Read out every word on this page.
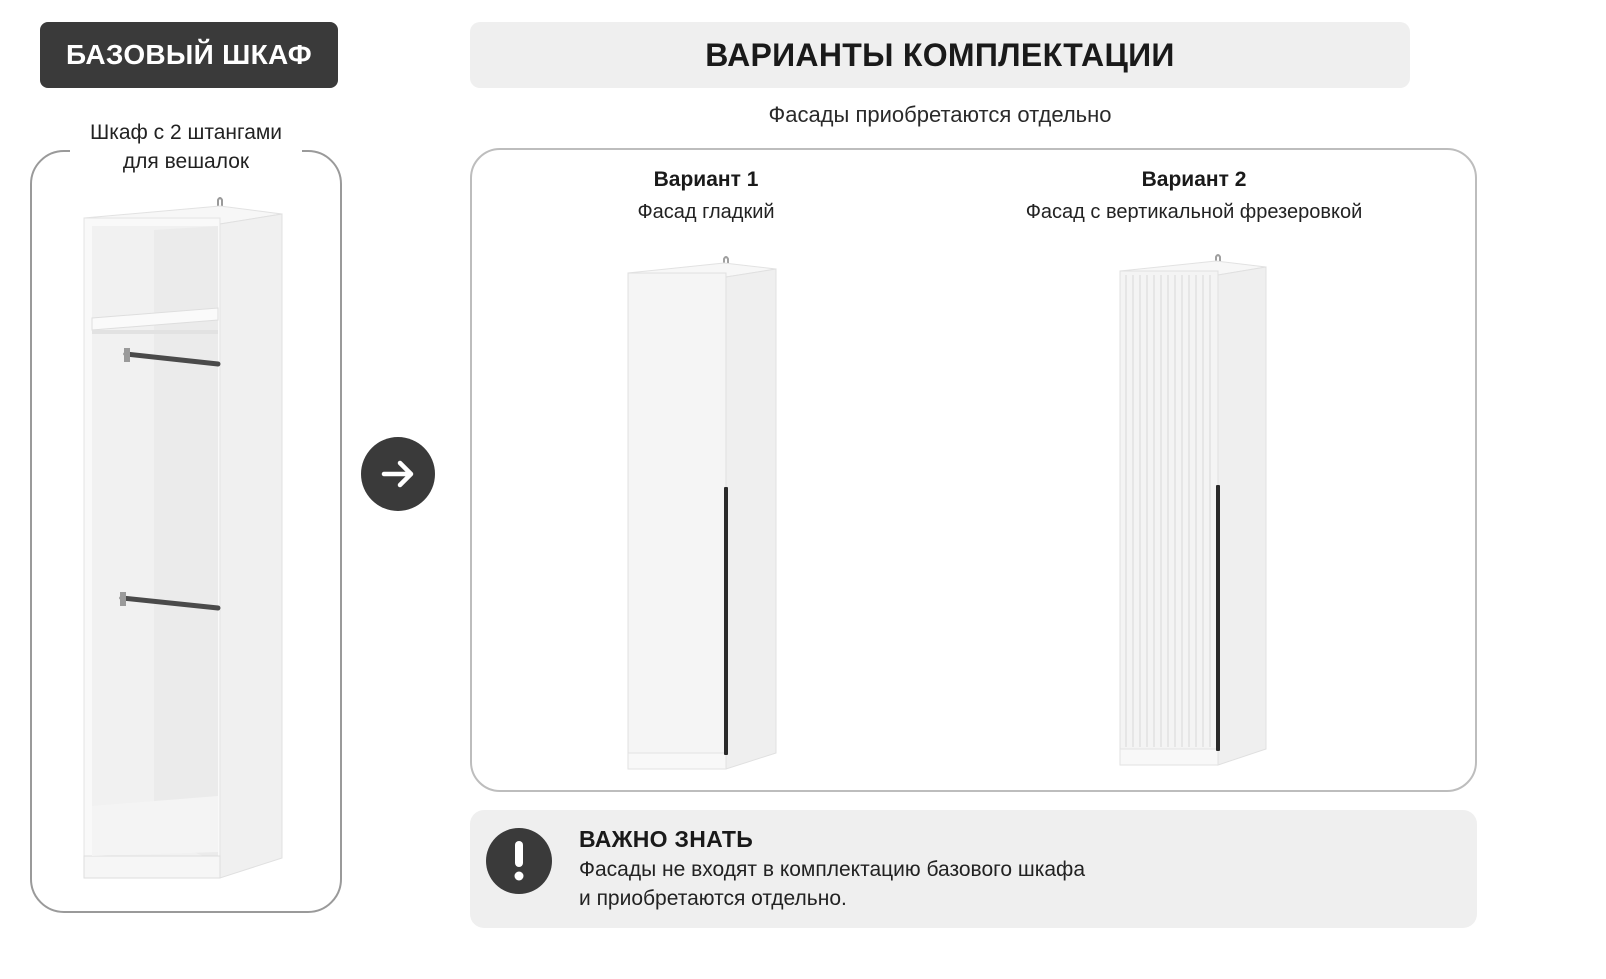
БАЗОВЫЙ ШКАФ
Шкаф с 2 штангами
для вешалок
ВАРИАНТЫ КОМПЛЕКТАЦИИ
Фасады приобретаются отдельно
Вариант 1
Фасад гладкий
Вариант 2
Фасад с вертикальной фрезеровкой
ВАЖНО ЗНАТЬ
Фасады не входят в комплектацию базового шкафа
и приобретаются отдельно.
